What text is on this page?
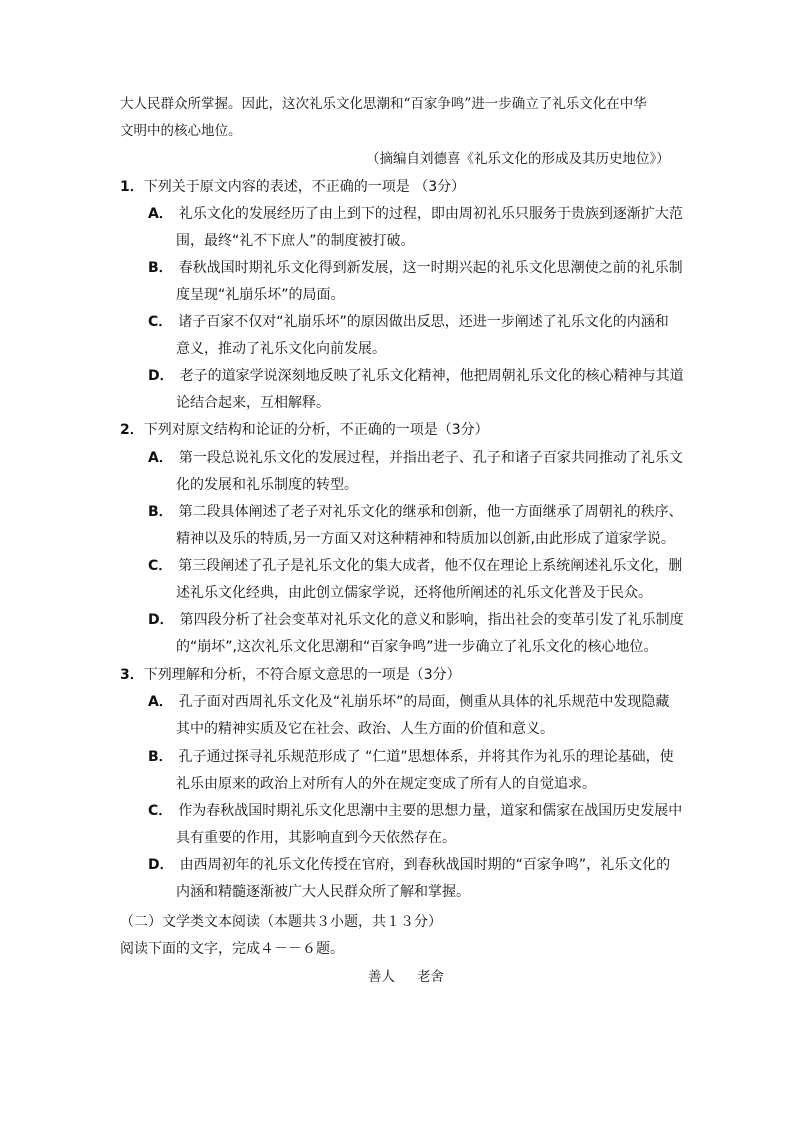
大人民群众所掌握。因此，这次礼乐文化思潮和“百家争鸣”进一步确立了礼乐文化在中华
文明中的核心地位。
（摘编自刘德喜《礼乐文化的形成及其历史地位》）
1．下列关于原文内容的表述，不正确的一项是 （3分）
A． 礼乐文化的发展经历了由上到下的过程，即由周初礼乐只服务于贵族到逐渐扩大范
围，最终“礼不下庶人”的制度被打破。
B． 春秋战国时期礼乐文化得到新发展，这一时期兴起的礼乐文化思潮使之前的礼乐制
度呈现“礼崩乐坏”的局面。
C． 诸子百家不仅对“礼崩乐坏”的原因做出反思，还进一步阐述了礼乐文化的内涵和
意义，推动了礼乐文化向前发展。
D． 老子的道家学说深刻地反映了礼乐文化精神，他把周朝礼乐文化的核心精神与其道
论结合起来，互相解释。
2．下列对原文结构和论证的分析，不正确的一项是（3分）
A． 第一段总说礼乐文化的发展过程，并指出老子、孔子和诸子百家共同推动了礼乐文
化的发展和礼乐制度的转型。
B． 第二段具体阐述了老子对礼乐文化的继承和创新，他一方面继承了周朝礼的秩序、
精神以及乐的特质,另一方面又对这种精神和特质加以创新,由此形成了道家学说。
C． 第三段阐述了孔子是礼乐文化的集大成者，他不仅在理论上系统阐述礼乐文化，删
述礼乐文化经典，由此创立儒家学说，还将他所阐述的礼乐文化普及于民众。
D． 第四段分析了社会变革对礼乐文化的意义和影响，指出社会的变革引发了礼乐制度
的“崩坏”,这次礼乐文化思潮和“百家争鸣”进一步确立了礼乐文化的核心地位。
3．下列理解和分析，不符合原文意思的一项是（3分）
A． 孔子面对西周礼乐文化及“礼崩乐坏”的局面，侧重从具体的礼乐规范中发现隐藏
其中的精神实质及它在社会、政治、人生方面的价值和意义。
B． 孔子通过探寻礼乐规范形成了 “仁道”思想体系，并将其作为礼乐的理论基础，使
礼乐由原来的政治上对所有人的外在规定变成了所有人的自觉追求。
C． 作为春秋战国时期礼乐文化思潮中主要的思想力量，道家和儒家在战国历史发展中
具有重要的作用，其影响直到今天依然存在。
D． 由西周初年的礼乐文化传授在官府，到春秋战国时期的“百家争鸣”，礼乐文化的
内涵和精髓逐渐被广大人民群众所了解和掌握。
（二）文学类文本阅读（本题共３小题，共１３分）
阅读下面的文字，完成４－－６题。
善人 老舍
